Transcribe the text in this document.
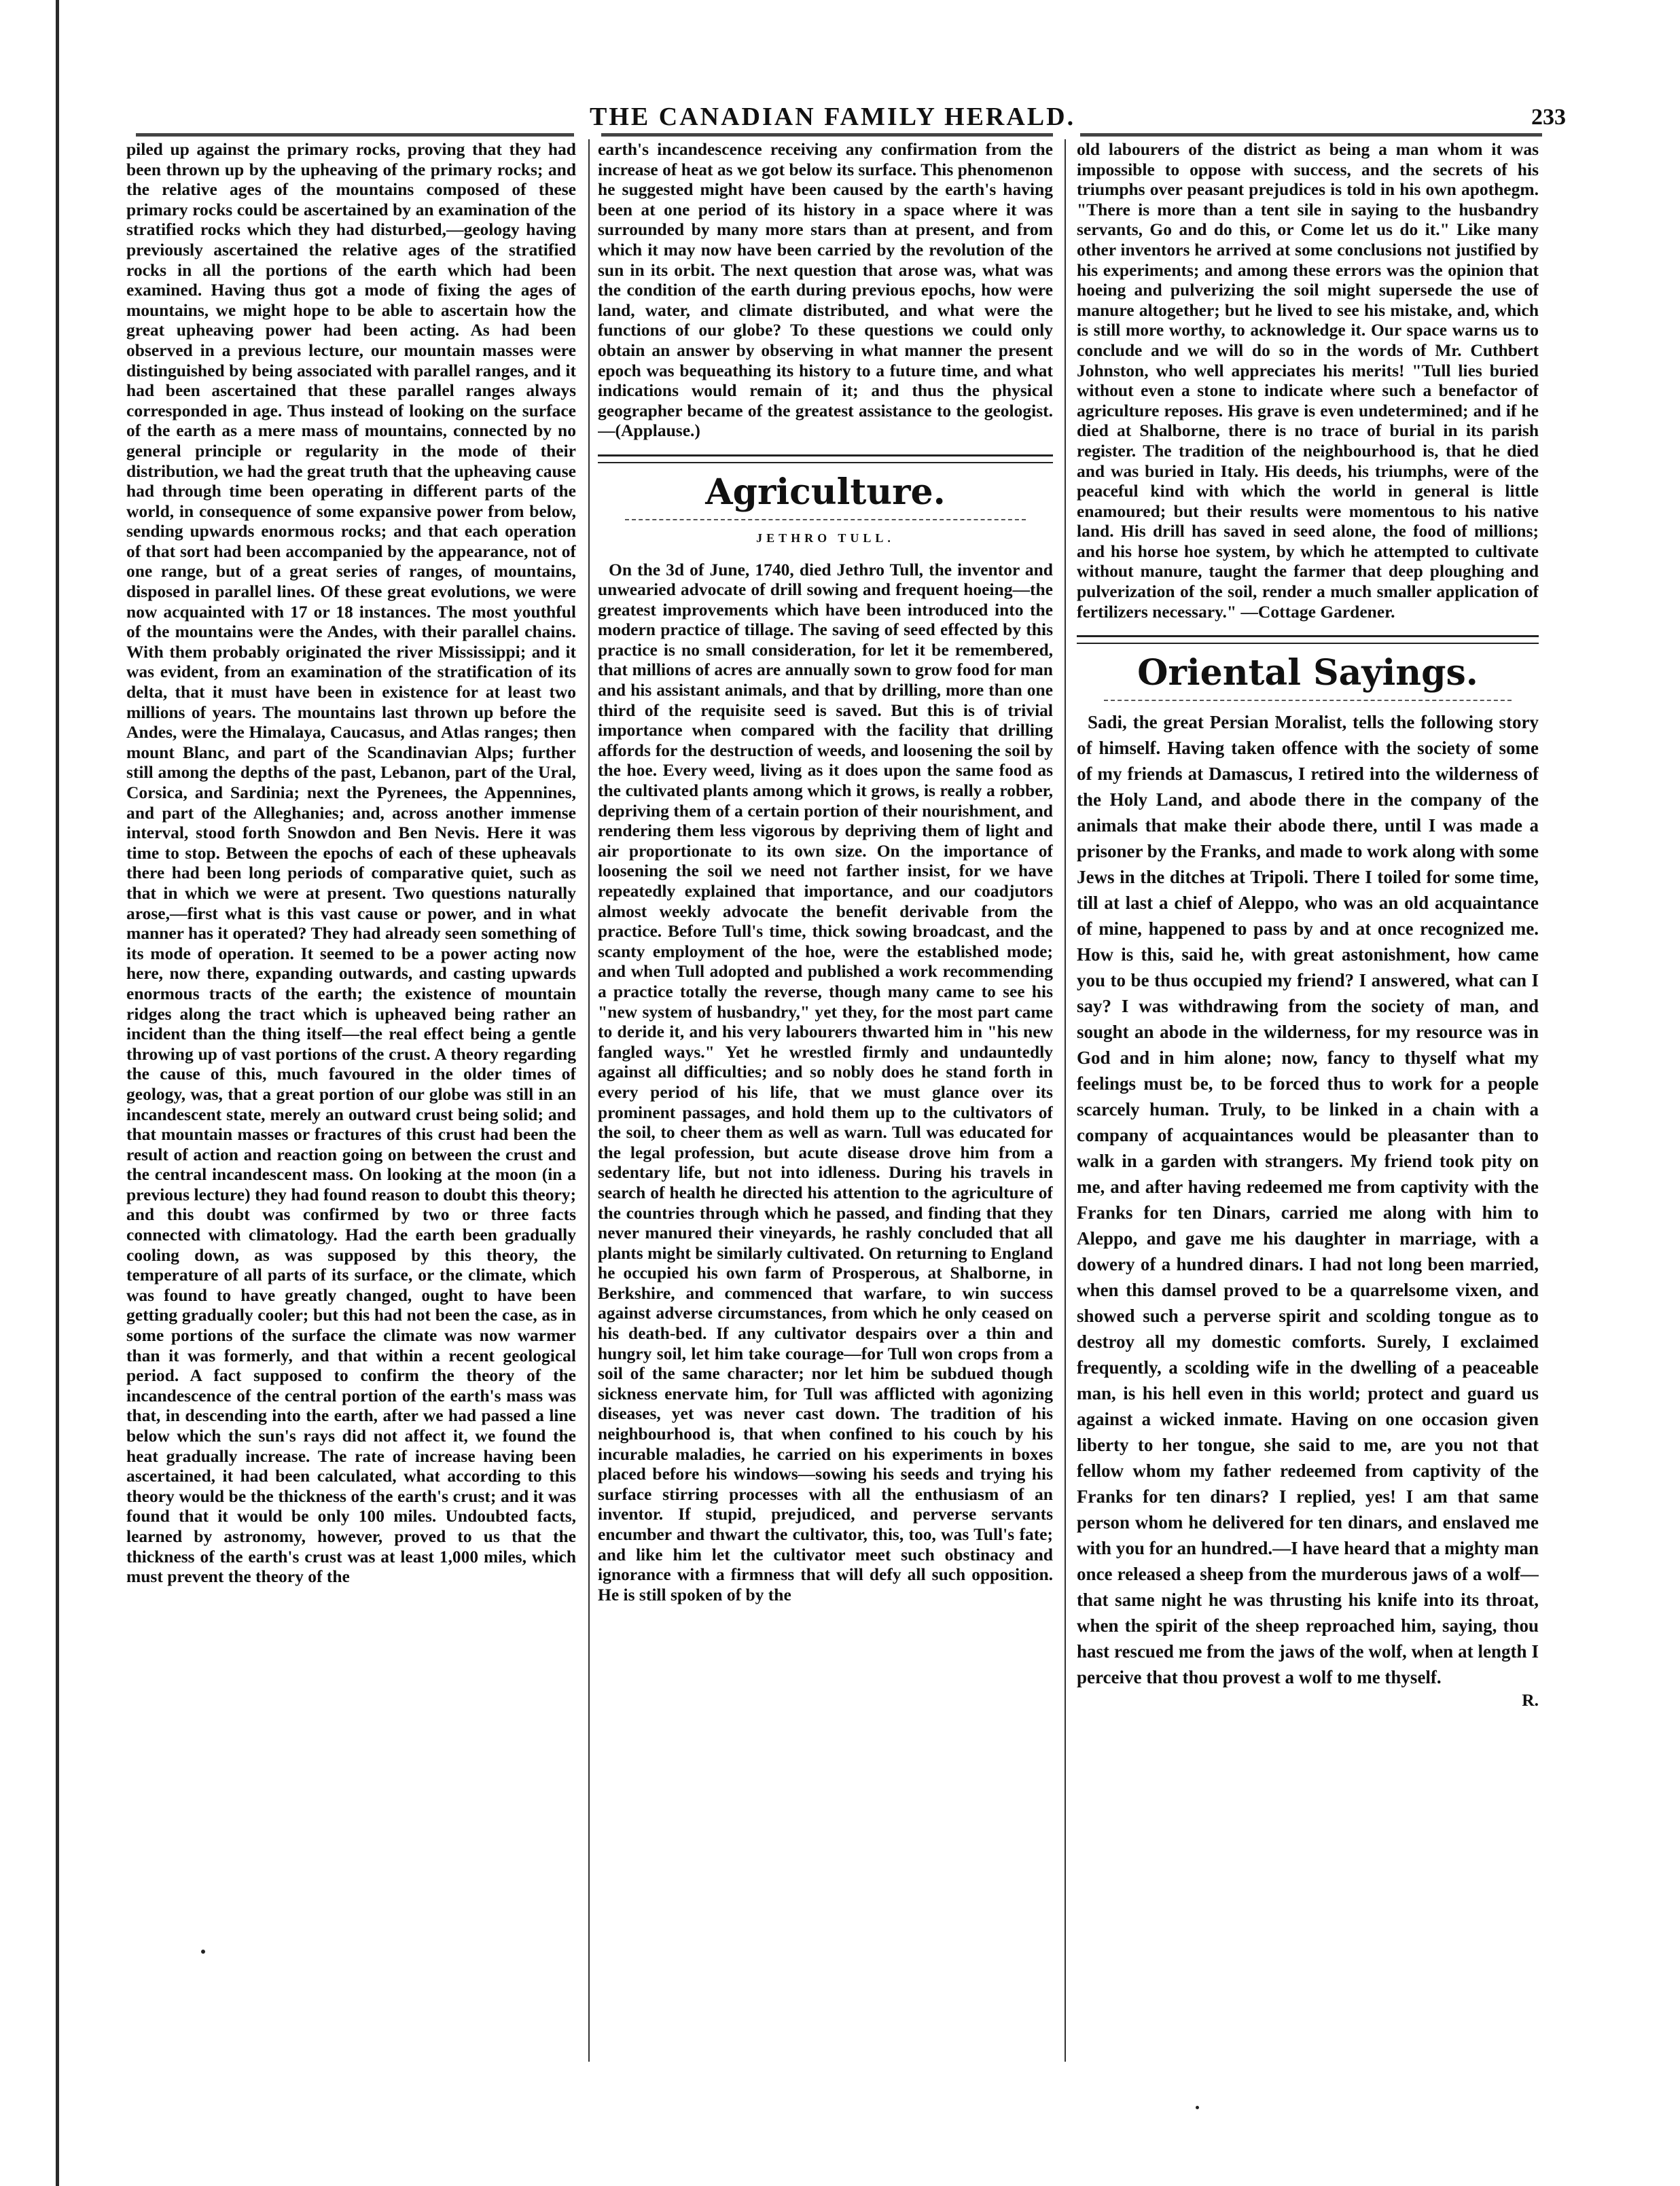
THE CANADIAN FAMILY HERALD.	233

piled up against the primary rocks, proving that they had been thrown up by the upheaving of the primary rocks; and the relative ages of the mountains composed of these primary rocks could be ascertained by an examination of the stratified rocks which they had disturbed,—geology having previously ascertained the relative ages of the stratified rocks in all the portions of the earth which had been examined. Having thus got a mode of fixing the ages of mountains, we might hope to be able to ascertain how the great upheaving power had been acting. As had been observed in a previous lecture, our mountain masses were distinguished by being associated with parallel ranges, and it had been ascertained that these parallel ranges always corresponded in age. Thus instead of looking on the surface of the earth as a mere mass of mountains, connected by no general principle or regularity in the mode of their distribution, we had the great truth that the upheaving cause had through time been operating in different parts of the world, in consequence of some expansive power from below, sending upwards enormous rocks; and that each operation of that sort had been accompanied by the appearance, not of one range, but of a great series of ranges, of mountains, disposed in parallel lines. Of these great evolutions, we were now acquainted with 17 or 18 instances. The most youthful of the mountains were the Andes, with their parallel chains. With them probably originated the river Mississippi; and it was evident, from an examination of the stratification of its delta, that it must have been in existence for at least two millions of years. The mountains last thrown up before the Andes, were the Himalaya, Caucasus, and Atlas ranges; then mount Blanc, and part of the Scandinavian Alps; further still among the depths of the past, Lebanon, part of the Ural, Corsica, and Sardinia; next the Pyrenees, the Appennines, and part of the Alleghanies; and, across another immense interval, stood forth Snowdon and Ben Nevis. Here it was time to stop. Between the epochs of each of these upheavals there had been long periods of comparative quiet, such as that in which we were at present. Two questions naturally arose,—first what is this vast cause or power, and in what manner has it operated? They had already seen something of its mode of operation. It seemed to be a power acting now here, now there, expanding outwards, and casting upwards enormous tracts of the earth; the existence of mountain ridges along the tract which is upheaved being rather an incident than the thing itself—the real effect being a gentle throwing up of vast portions of the crust. A theory regarding the cause of this, much favoured in the older times of geology, was, that a great portion of our globe was still in an incandescent state, merely an outward crust being solid; and that mountain masses or fractures of this crust had been the result of action and reaction going on between the crust and the central incandescent mass. On looking at the moon (in a previous lecture) they had found reason to doubt this theory; and this doubt was confirmed by two or three facts connected with climatology. Had the earth been gradually cooling down, as was supposed by this theory, the temperature of all parts of its surface, or the climate, which was found to have greatly changed, ought to have been getting gradually cooler; but this had not been the case, as in some portions of the surface the climate was now warmer than it was formerly, and that within a recent geological period. A fact supposed to confirm the theory of the incandescence of the central portion of the earth's mass was that, in descending into the earth, after we had passed a line below which the sun's rays did not affect it, we found the heat gradually increase. The rate of increase having been ascertained, it had been calculated, what according to this theory would be the thickness of the earth's crust; and it was found that it would be only 100 miles. Undoubted facts, learned by astronomy, however, proved to us that the thickness of the earth's crust was at least 1,000 miles, which must prevent the theory of the

earth's incandescence receiving any confirmation from the increase of heat as we got below its surface. This phenomenon he suggested might have been caused by the earth's having been at one period of its history in a space where it was surrounded by many more stars than at present, and from which it may now have been carried by the revolution of the sun in its orbit. The next question that arose was, what was the condition of the earth during previous epochs, how were land, water, and climate distributed, and what were the functions of our globe? To these questions we could only obtain an answer by observing in what manner the present epoch was bequeathing its history to a future time, and what indications would remain of it; and thus the physical geographer became of the greatest assistance to the geologist.—(Applause.)

Agriculture.
JETHRO TULL.

On the 3d of June, 1740, died Jethro Tull, the inventor and unwearied advocate of drill sowing and frequent hoeing—the greatest improvements which have been introduced into the modern practice of tillage. The saving of seed effected by this practice is no small consideration, for let it be remembered, that millions of acres are annually sown to grow food for man and his assistant animals, and that by drilling, more than one third of the requisite seed is saved. But this is of trivial importance when compared with the facility that drilling affords for the destruction of weeds, and loosening the soil by the hoe. Every weed, living as it does upon the same food as the cultivated plants among which it grows, is really a robber, depriving them of a certain portion of their nourishment, and rendering them less vigorous by depriving them of light and air proportionate to its own size. On the importance of loosening the soil we need not farther insist, for we have repeatedly explained that importance, and our coadjutors almost weekly advocate the benefit derivable from the practice. Before Tull's time, thick sowing broadcast, and the scanty employment of the hoe, were the established mode; and when Tull adopted and published a work recommending a practice totally the reverse, though many came to see his "new system of husbandry," yet they, for the most part came to deride it, and his very labourers thwarted him in "his new fangled ways." Yet he wrestled firmly and undauntedly against all difficulties; and so nobly does he stand forth in every period of his life, that we must glance over its prominent passages, and hold them up to the cultivators of the soil, to cheer them as well as warn. Tull was educated for the legal profession, but acute disease drove him from a sedentary life, but not into idleness. During his travels in search of health he directed his attention to the agriculture of the countries through which he passed, and finding that they never manured their vineyards, he rashly concluded that all plants might be similarly cultivated. On returning to England he occupied his own farm of Prosperous, at Shalborne, in Berkshire, and commenced that warfare, to win success against adverse circumstances, from which he only ceased on his death-bed. If any cultivator despairs over a thin and hungry soil, let him take courage—for Tull won crops from a soil of the same character; nor let him be subdued though sickness enervate him, for Tull was afflicted with agonizing diseases, yet was never cast down. The tradition of his neighbourhood is, that when confined to his couch by his incurable maladies, he carried on his experiments in boxes placed before his windows—sowing his seeds and trying his surface stirring processes with all the enthusiasm of an inventor. If stupid, prejudiced, and perverse servants encumber and thwart the cultivator, this, too, was Tull's fate; and like him let the cultivator meet such obstinacy and ignorance with a firmness that will defy all such opposition. He is still spoken of by the

old labourers of the district as being a man whom it was impossible to oppose with success, and the secrets of his triumphs over peasant prejudices is told in his own apothegm. "There is more than a tent sile in saying to the husbandry servants, Go and do this, or Come let us do it." Like many other inventors he arrived at some conclusions not justified by his experiments; and among these errors was the opinion that hoeing and pulverizing the soil might supersede the use of manure altogether; but he lived to see his mistake, and, which is still more worthy, to acknowledge it. Our space warns us to conclude and we will do so in the words of Mr. Cuthbert Johnston, who well appreciates his merits! "Tull lies buried without even a stone to indicate where such a benefactor of agriculture reposes. His grave is even undetermined; and if he died at Shalborne, there is no trace of burial in its parish register. The tradition of the neighbourhood is, that he died and was buried in Italy. His deeds, his triumphs, were of the peaceful kind with which the world in general is little enamoured; but their results were momentous to his native land. His drill has saved in seed alone, the food of millions; and his horse hoe system, by which he attempted to cultivate without manure, taught the farmer that deep ploughing and pulverization of the soil, render a much smaller application of fertilizers necessary." —Cottage Gardener.

Oriental Sayings.

Sadi, the great Persian Moralist, tells the following story of himself. Having taken offence with the society of some of my friends at Damascus, I retired into the wilderness of the Holy Land, and abode there in the company of the animals that make their abode there, until I was made a prisoner by the Franks, and made to work along with some Jews in the ditches at Tripoli. There I toiled for some time, till at last a chief of Aleppo, who was an old acquaintance of mine, happened to pass by and at once recognized me. How is this, said he, with great astonishment, how came you to be thus occupied my friend? I answered, what can I say? I was withdrawing from the society of man, and sought an abode in the wilderness, for my resource was in God and in him alone; now, fancy to thyself what my feelings must be, to be forced thus to work for a people scarcely human. Truly, to be linked in a chain with a company of acquaintances would be pleasanter than to walk in a garden with strangers. My friend took pity on me, and after having redeemed me from captivity with the Franks for ten Dinars, carried me along with him to Aleppo, and gave me his daughter in marriage, with a dowery of a hundred dinars. I had not long been married, when this damsel proved to be a quarrelsome vixen, and showed such a perverse spirit and scolding tongue as to destroy all my domestic comforts. Surely, I exclaimed frequently, a scolding wife in the dwelling of a peaceable man, is his hell even in this world; protect and guard us against a wicked inmate. Having on one occasion given liberty to her tongue, she said to me, are you not that fellow whom my father redeemed from captivity of the Franks for ten dinars? I replied, yes! I am that same person whom he delivered for ten dinars, and enslaved me with you for an hundred.—I have heard that a mighty man once released a sheep from the murderous jaws of a wolf—that same night he was thrusting his knife into its throat, when the spirit of the sheep reproached him, saying, thou hast rescued me from the jaws of the wolf, when at length I perceive that thou provest a wolf to me thyself.

R.
